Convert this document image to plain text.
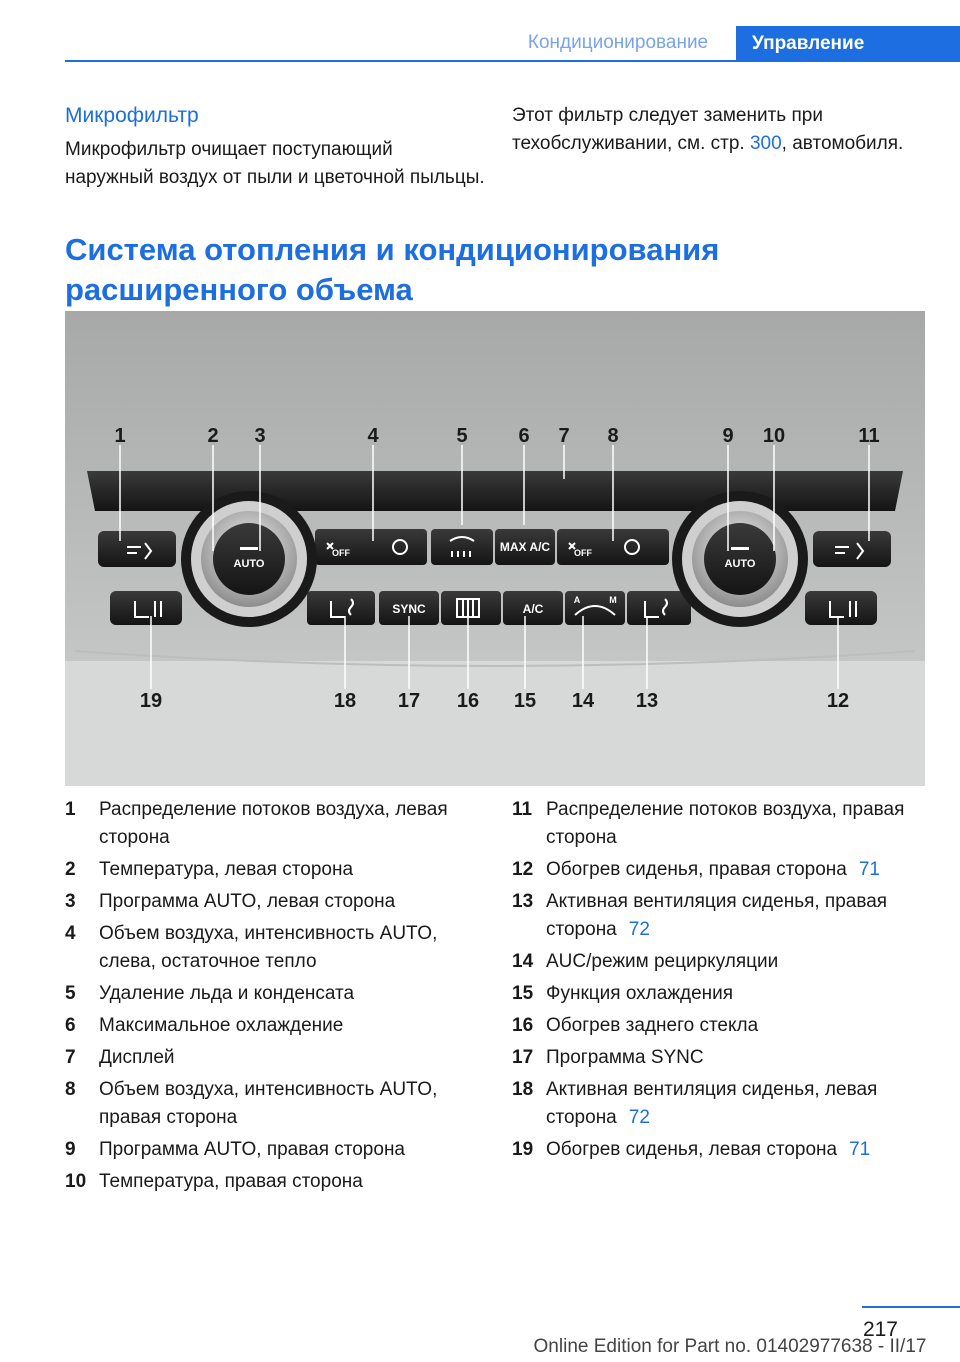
Кондиционирование	Управление
Микрофильтр
Микрофильтр очищает поступающий наружный воздух от пыли и цветочной пыльцы.
Этот фильтр следует заменить при техобслуживании, см. стр. 300, автомобиля.
Система отопления и кондиционирования расширенного объема
AUTO	AUTO
OFF	OFF
MAX A/C
SYNC	A/C
A	M
1	2 3	4	5	6 7 8	9 10	11
19	18 17 16 15 14 13	12
1	Распределение потоков воздуха, левая сторона
2	Температура, левая сторона
3	Программа AUTO, левая сторона
4	Объем воздуха, интенсивность AUTO, слева, остаточное тепло
5	Удаление льда и конденсата
6	Максимальное охлаждение
7	Дисплей
8	Объем воздуха, интенсивность AUTO, правая сторона
9	Программа AUTO, правая сторона
10 Температура, правая сторона
11 Распределение потоков воздуха, правая сторона
12 Обогрев сиденья, правая сторона 71
13 Активная вентиляция сиденья, правая сторона 72
14 AUC/режим рециркуляции
15 Функция охлаждения
16 Обогрев заднего стекла
17 Программа SYNC
18 Активная вентиляция сиденья, левая сторона 72
19 Обогрев сиденья, левая сторона 71
217
Online Edition for Part no. 01402977638 - II/17
